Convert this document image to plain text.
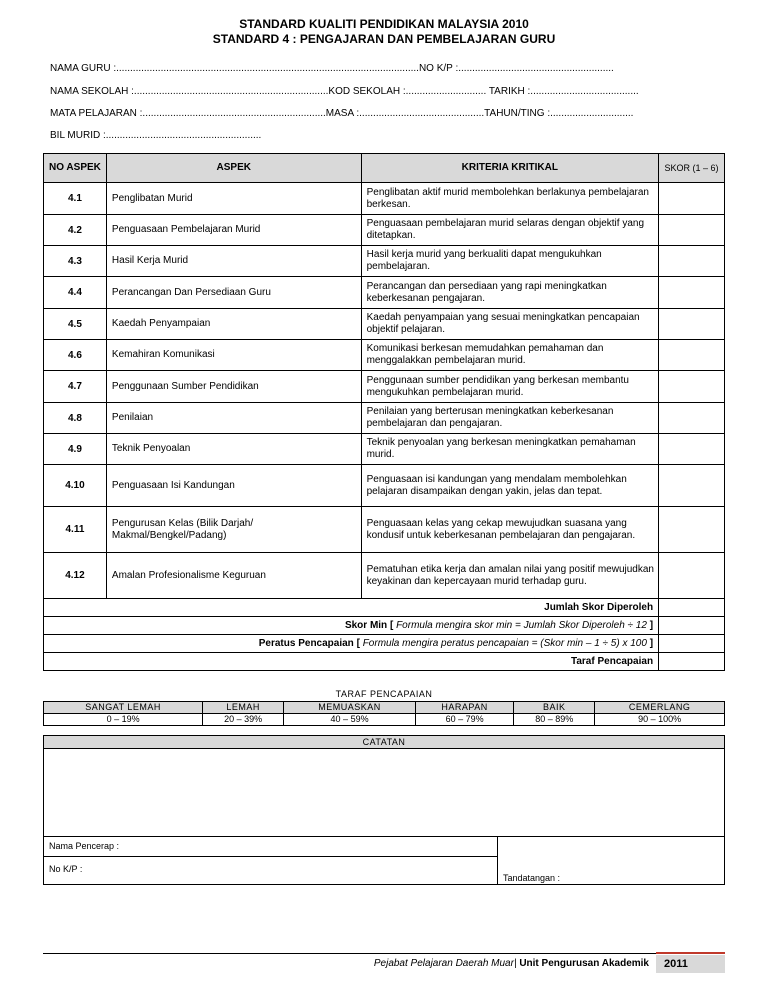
STANDARD KUALITI PENDIDIKAN MALAYSIA 2010
STANDARD 4 : PENGAJARAN DAN PEMBELAJARAN GURU
NAMA GURU :.............................................................................................................NO K/P :........................................................
NAMA SEKOLAH :......................................................................KOD SEKOLAH :............................. TARIKH :.......................................
MATA PELAJARAN :..................................................................MASA :.............................................TAHUN/TING :..............................
BIL MURID :........................................................
NO ASPEK	ASPEK	KRITERIA KRITIKAL	SKOR (1 – 6)
4.1	Penglibatan Murid	Penglibatan aktif murid membolehkan berlakunya pembelajaran berkesan.	
4.2	Penguasaan Pembelajaran Murid	Penguasaan pembelajaran murid selaras dengan objektif yang ditetapkan.	
4.3	Hasil Kerja Murid	Hasil kerja murid yang berkualiti dapat mengukuhkan pembelajaran.	
4.4	Perancangan Dan Persediaan Guru	Perancangan dan persediaan yang rapi meningkatkan keberkesanan pengajaran.	
4.5	Kaedah Penyampaian	Kaedah penyampaian yang sesuai meningkatkan pencapaian objektif pelajaran.	
4.6	Kemahiran Komunikasi	Komunikasi berkesan memudahkan pemahaman dan menggalakkan pembelajaran murid.	
4.7	Penggunaan Sumber Pendidikan	Penggunaan sumber pendidikan yang berkesan membantu mengukuhkan pembelajaran murid.	
4.8	Penilaian	Penilaian yang berterusan meningkatkan keberkesanan pembelajaran dan pengajaran.	
4.9	Teknik Penyoalan	Teknik penyoalan yang berkesan meningkatkan pemahaman murid.	
4.10	Penguasaan Isi Kandungan	Penguasaan isi kandungan yang mendalam membolehkan pelajaran disampaikan dengan yakin, jelas dan tepat.	
4.11	Pengurusan Kelas (Bilik Darjah/ Makmal/Bengkel/Padang)	Penguasaan kelas yang cekap mewujudkan suasana yang kondusif untuk keberkesanan pembelajaran dan pengajaran.	
4.12	Amalan Profesionalisme Keguruan	Pematuhan etika kerja dan amalan nilai yang positif mewujudkan keyakinan dan kepercayaan murid terhadap guru.	
Jumlah Skor Diperoleh			
Skor Min [ Formula mengira skor min = Jumlah Skor Diperoleh ÷ 12 ]			
Peratus Pencapaian [ Formula mengira peratus pencapaian = (Skor min – 1 ÷ 5) x 100 ]			
Taraf Pencapaian			
TARAF PENCAPAIAN
SANGAT LEMAH	LEMAH	MEMUASKAN	HARAPAN	BAIK	CEMERLANG
0 – 19%	20 – 39%	40 – 59%	60 – 79%	80 – 89%	90 – 100%
CATATAN
Nama Pencerap :
No K/P :
Tandatangan :
Pejabat Pelajaran Daerah Muar| Unit Pengurusan Akademik	2011
